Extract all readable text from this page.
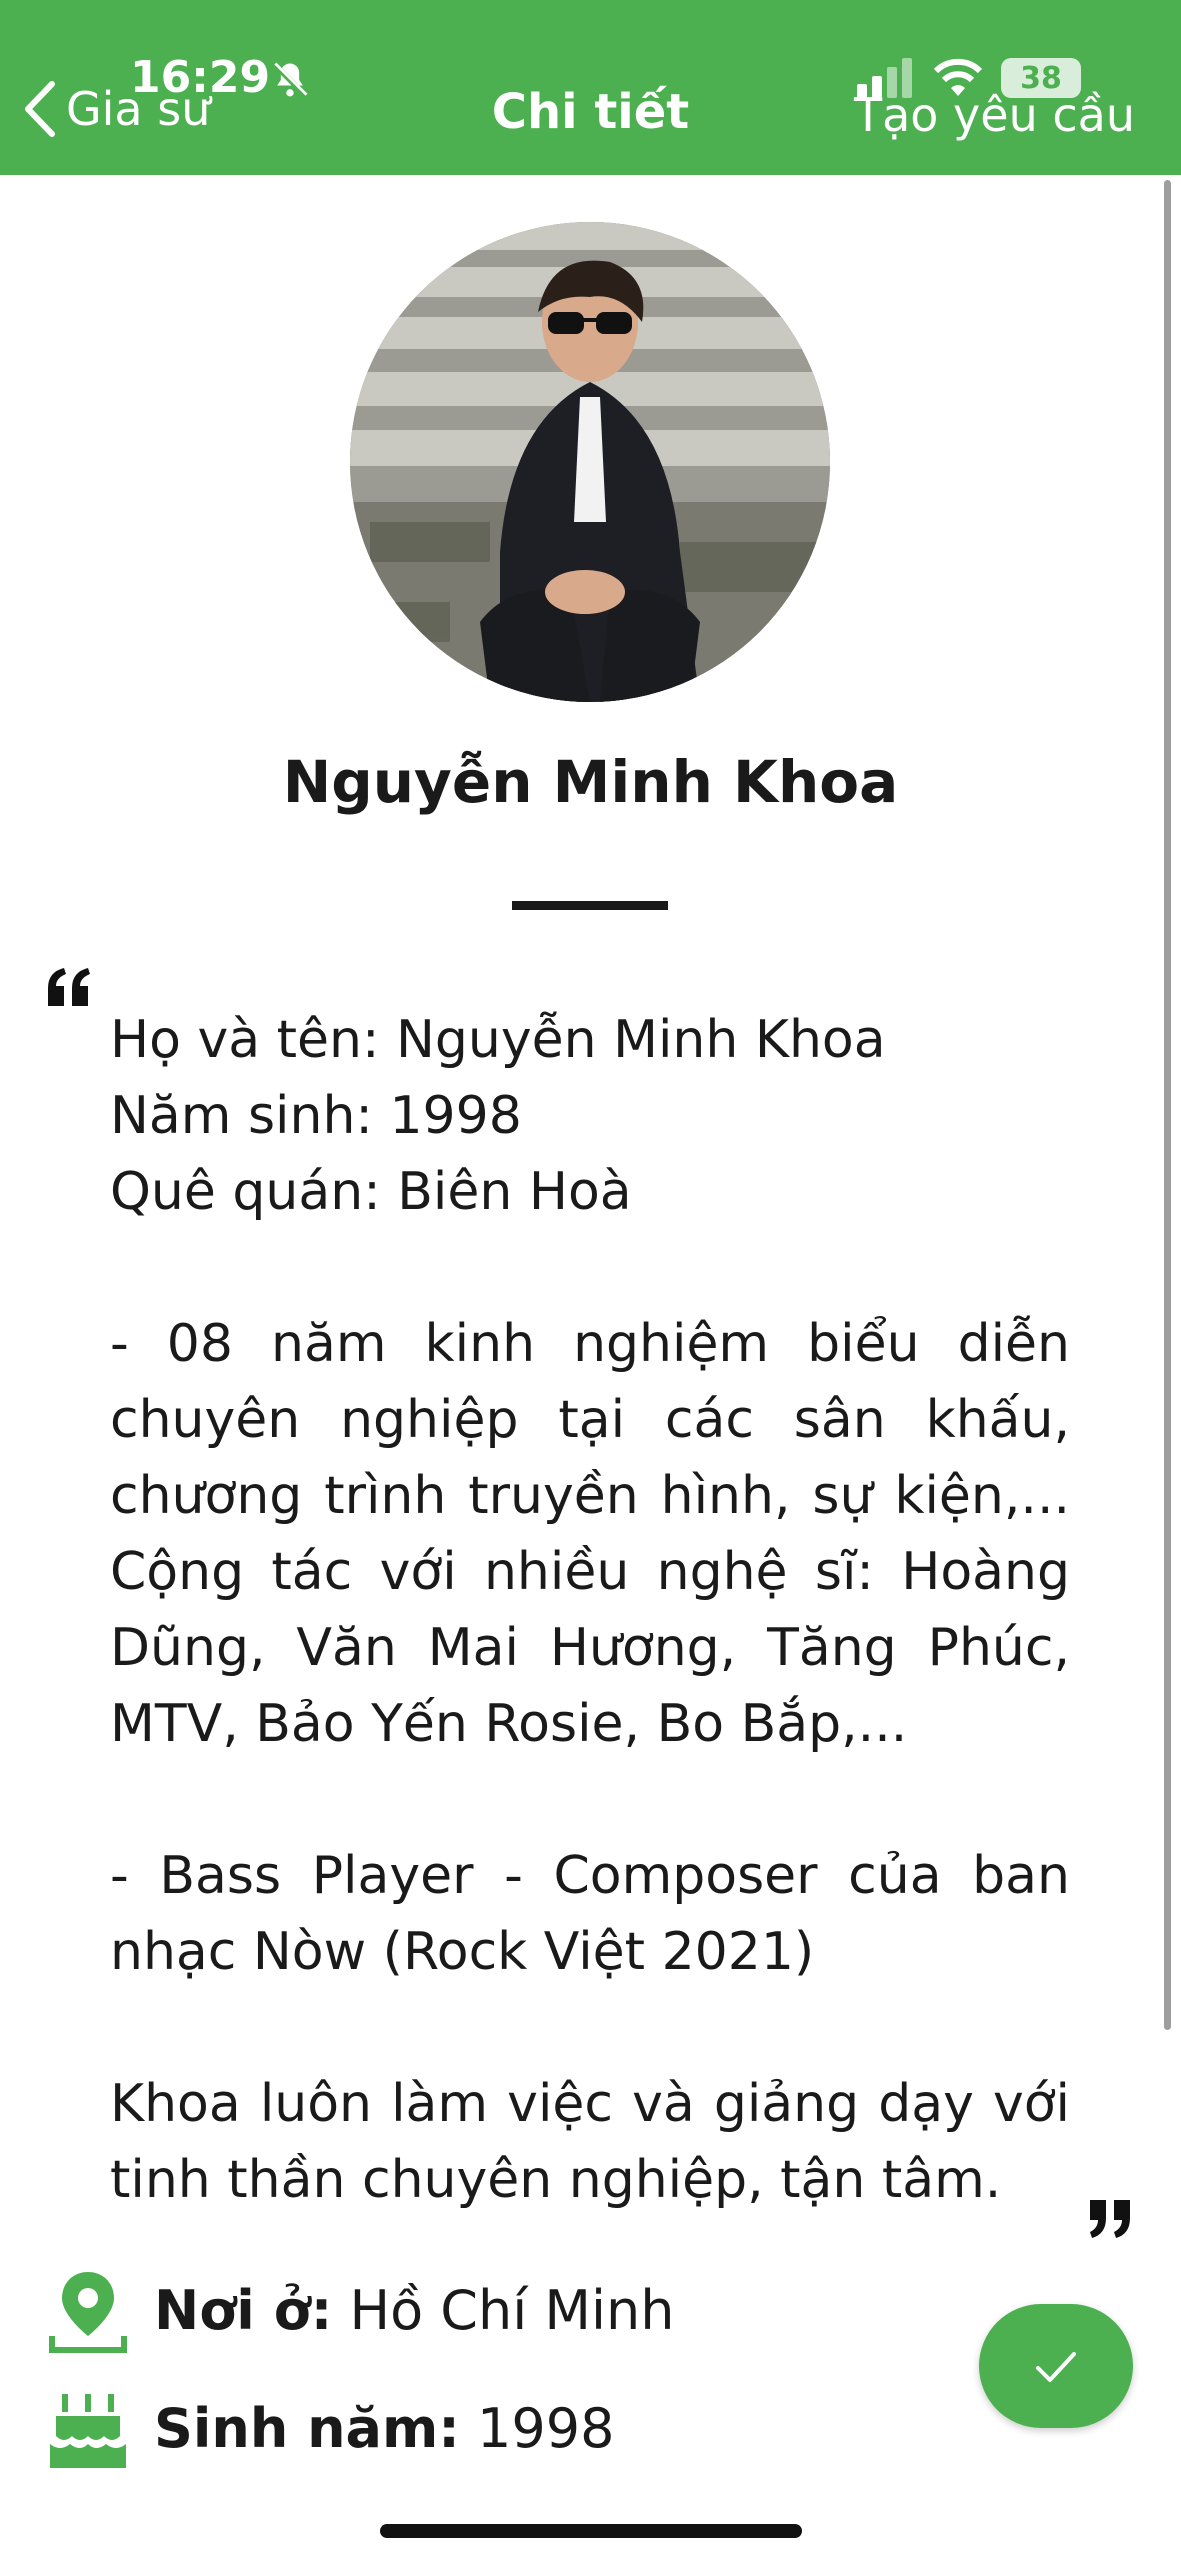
16:29	38
Gia sư	Chi tiết	Tạo yêu cầu
Nguyễn Minh Khoa

Họ và tên: Nguyễn Minh Khoa

Năm sinh: 1998

Quê quán: Biên Hoà

- 08 năm kinh nghiệm biểu diễn chuyên nghiệp tại các sân khấu, chương trình truyền hình, sự kiện,... Cộng tác với nhiều nghệ sĩ: Hoàng Dũng, Văn Mai Hương, Tăng Phúc, MTV, Bảo Yến Rosie, Bo Bắp,...

- Bass Player - Composer của ban nhạc Nòw (Rock Việt 2021)

Khoa luôn làm việc và giảng dạy với tinh thần chuyên nghiệp, tận tâm.

Nơi ở: Hồ Chí Minh
Sinh năm: 1998
